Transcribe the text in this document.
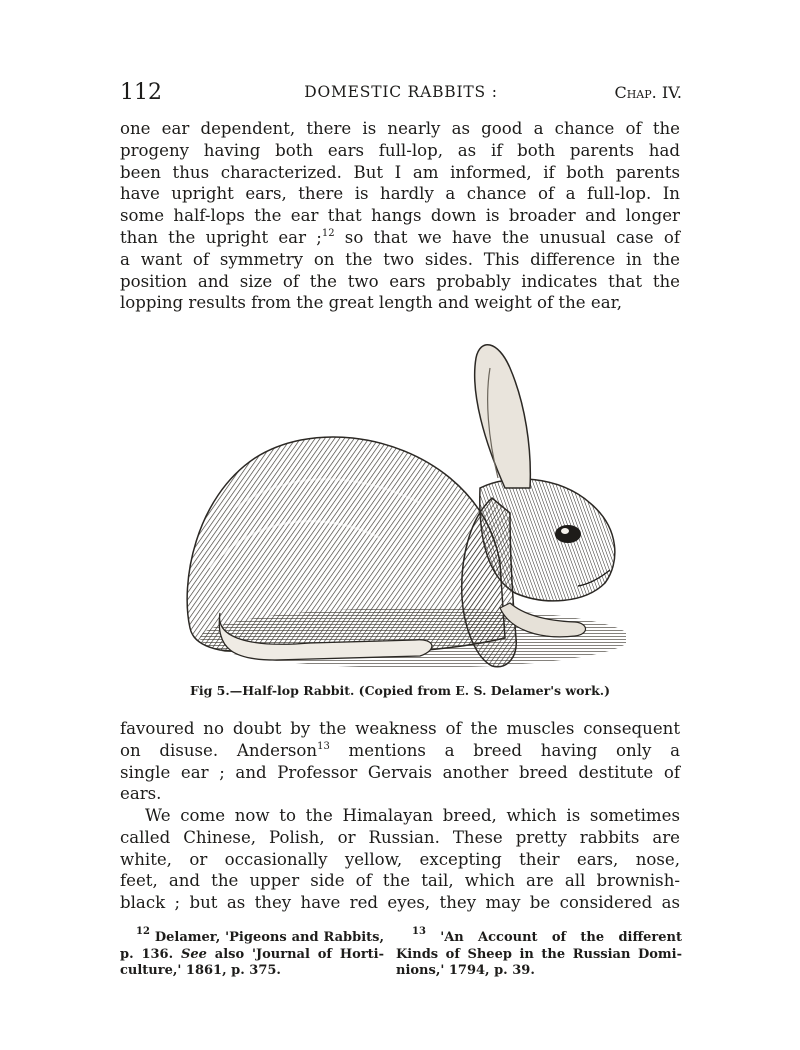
112	DOMESTIC RABBITS :	Chap. IV.
one ear dependent, there is nearly as good a chance of the
progeny having both ears full-lop, as if both parents had
been thus characterized. But I am informed, if both parents
have upright ears, there is hardly a chance of a full-lop. In
some half-lops the ear that hangs down is broader and longer
than the upright ear ;$^{12}$ so that we have the unusual case of
a want of symmetry on the two sides. This difference in the
position and size of the two ears probably indicates that the
lopping results from the great length and weight of the ear,
Fig 5.—Half-lop Rabbit. (Copied from E. S. Delamer's work.)
favoured no doubt by the weakness of the muscles consequent
on disuse. Anderson$^{13}$ mentions a breed having only a
single ear ; and Professor Gervais another breed destitute of
ears.
We come now to the Himalayan breed, which is sometimes
called Chinese, Polish, or Russian. These pretty rabbits are
white, or occasionally yellow, excepting their ears, nose,
feet, and the upper side of the tail, which are all brownish-
black ; but as they have red eyes, they may be considered as
$^{12}$ Delamer, 'Pigeons and Rabbits,
p. 136. See also 'Journal of Horti-
culture,' 1861, p. 375.
$^{13}$ 'An Account of the different
Kinds of Sheep in the Russian Domi-
nions,' 1794, p. 39.
